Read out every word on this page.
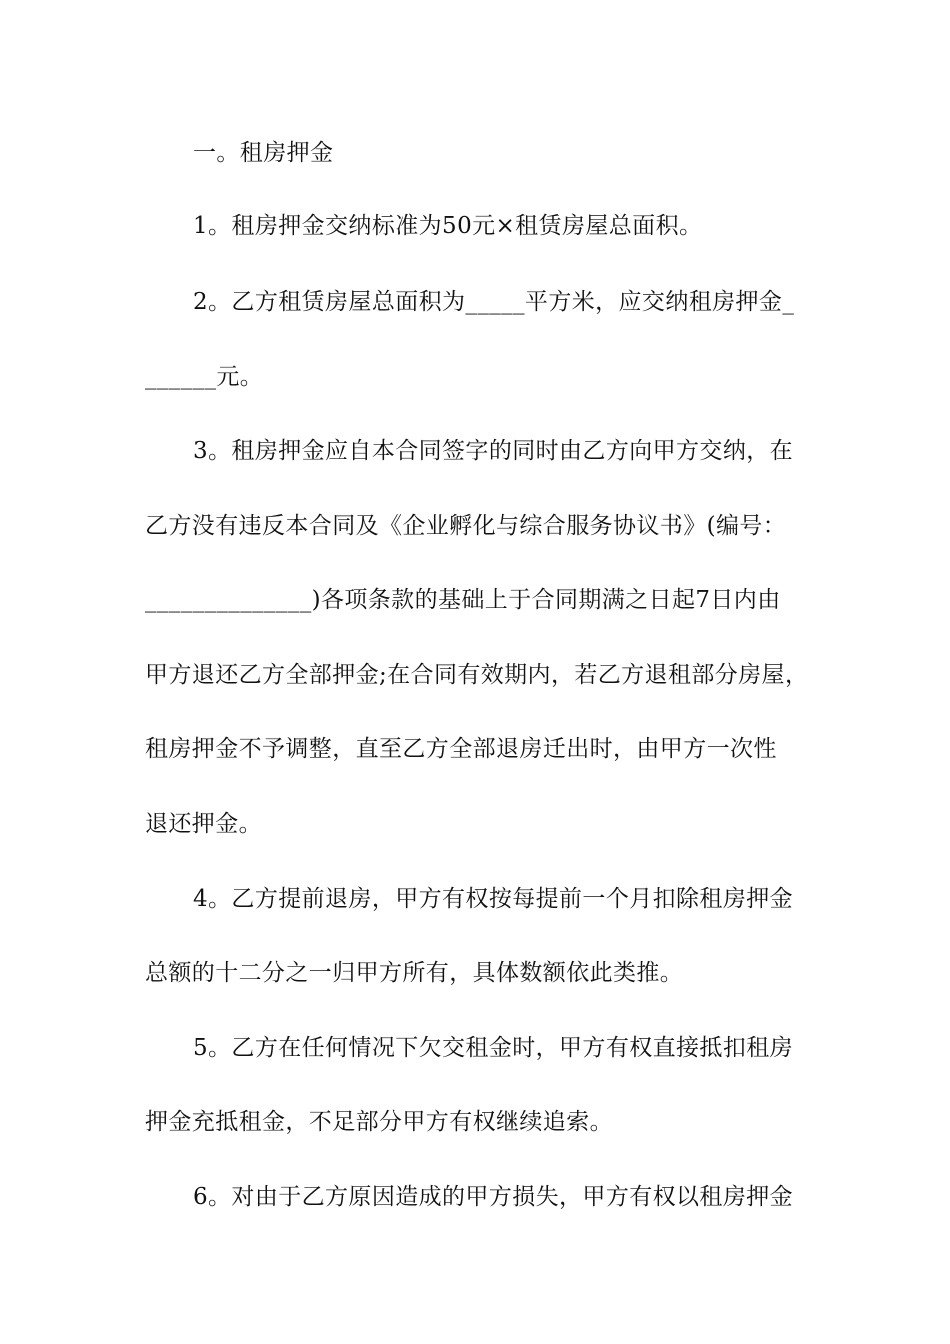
一。租房押金
1。租房押金交纳标准为50元×租赁房屋总面积。
2。乙方租赁房屋总面积为_____平方米，应交纳租房押金_
______元。
3。租房押金应自本合同签字的同时由乙方向甲方交纳，在
乙方没有违反本合同及《企业孵化与综合服务协议书》(编号：
______________)各项条款的基础上于合同期满之日起7日内由
甲方退还乙方全部押金;在合同有效期内，若乙方退租部分房屋，
租房押金不予调整，直至乙方全部退房迁出时，由甲方一次性
退还押金。
4。乙方提前退房，甲方有权按每提前一个月扣除租房押金
总额的十二分之一归甲方所有，具体数额依此类推。
5。乙方在任何情况下欠交租金时，甲方有权直接抵扣租房
押金充抵租金，不足部分甲方有权继续追索。
6。对由于乙方原因造成的甲方损失，甲方有权以租房押金
